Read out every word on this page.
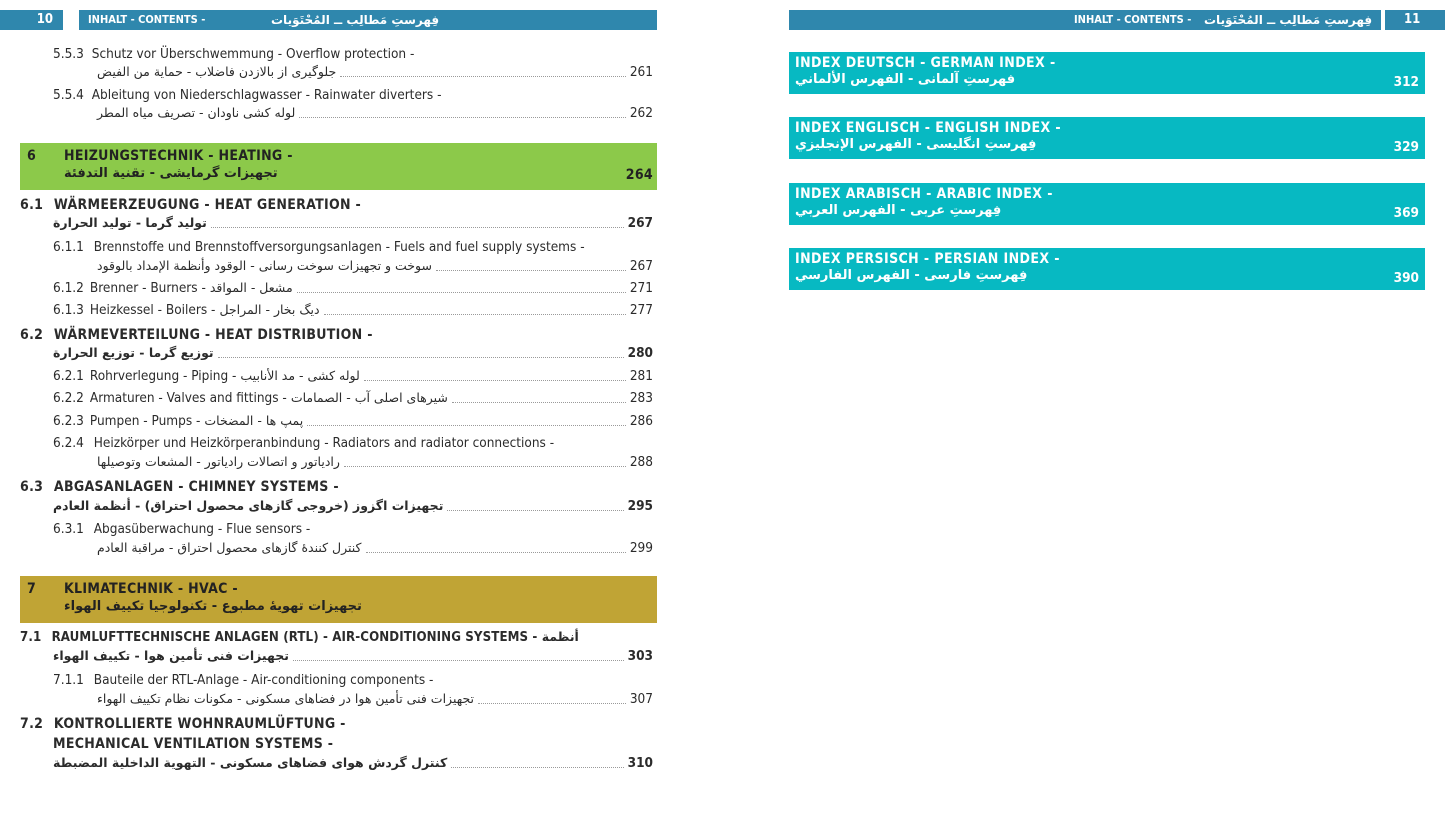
10	INHALT - CONTENTS -	فِهرستِ مَطالِب ــ المُحْتَوَيات
5.5.3 Schutz vor Überschwemmung - Overflow protection -
جلوگیری از بالازدن فاضلاب - حماية من الفيض	261
5.5.4 Ableitung von Niederschlagwasser - Rainwater diverters -
لوله کشی ناودان - تصريف مياه المطر	262
6 HEIZUNGSTECHNIK - HEATING -
تجهیزات گرمایشی - تقنية التدفئة	264
6.1 WÄRMEERZEUGUNG - HEAT GENERATION -
تولید گرما - توليد الحرارة	267
6.1.1 Brennstoffe und Brennstoffversorgungsanlagen - Fuels and fuel supply systems -
سوخت و تجهیزات سوخت رسانی - الوقود وأنظمة الإمداد بالوقود	267
6.1.2 Brenner - Burners - مشعل - المواقد	271
6.1.3 Heizkessel - Boilers - دیگ بخار - المراجل	277
6.2 WÄRMEVERTEILUNG - HEAT DISTRIBUTION -
توزیع گرما - توزيع الحرارة	280
6.2.1 Rohrverlegung - Piping - لوله کشی - مد الأنابيب	281
6.2.2 Armaturen - Valves and fittings - شیرهای اصلی آب - الصمامات	283
6.2.3 Pumpen - Pumps - پمپ ها - المضخات	286
6.2.4 Heizkörper und Heizkörperanbindung - Radiators and radiator connections -
رادیاتور و اتصالات رادیاتور - المشعات وتوصيلها	288
6.3 ABGASANLAGEN - CHIMNEY SYSTEMS -
تجهیزات اگزوز (خروجی گازهای محصول احتراق) - أنظمة العادم	295
6.3.1 Abgasüberwachung - Flue sensors -
کنترل کنندهٔ گازهای محصول احتراق - مراقبة العادم	299
7 KLIMATECHNIK - HVAC -
تجهیزات تهویهٔ مطبوع - تكنولوجيا تكييف الهواء
7.1 RAUMLUFTTECHNISCHE ANLAGEN (RTL) - AIR-CONDITIONING SYSTEMS - أنظمة
تجهیزات فنی تأمین هوا - تكييف الهواء	303
7.1.1 Bauteile der RTL-Anlage - Air-conditioning components -
تجهیزات فنی تأمین هوا در فضاهای مسکونی - مكونات نظام تكييف الهواء	307
7.2 KONTROLLIERTE WOHNRAUMLÜFTUNG -
MECHANICAL VENTILATION SYSTEMS -
کنترل گردش هوای فضاهای مسکونی - التهوية الداخلية المضبطة	310
INHALT - CONTENTS - فِهرستِ مَطالِب ــ المُحْتَوَيات 11
INDEX DEUTSCH - GERMAN INDEX -
فهرستِ آلمانی - الفهرس الألماني	312
INDEX ENGLISCH - ENGLISH INDEX -
فِهرستِ انگلیسی - الفهرس الإنجليزي	329
INDEX ARABISCH - ARABIC INDEX -
فِهرستِ عربی - الفهرس العربي	369
INDEX PERSISCH - PERSIAN INDEX -
فِهرستِ فارسی - الفهرس الفارسي	390
